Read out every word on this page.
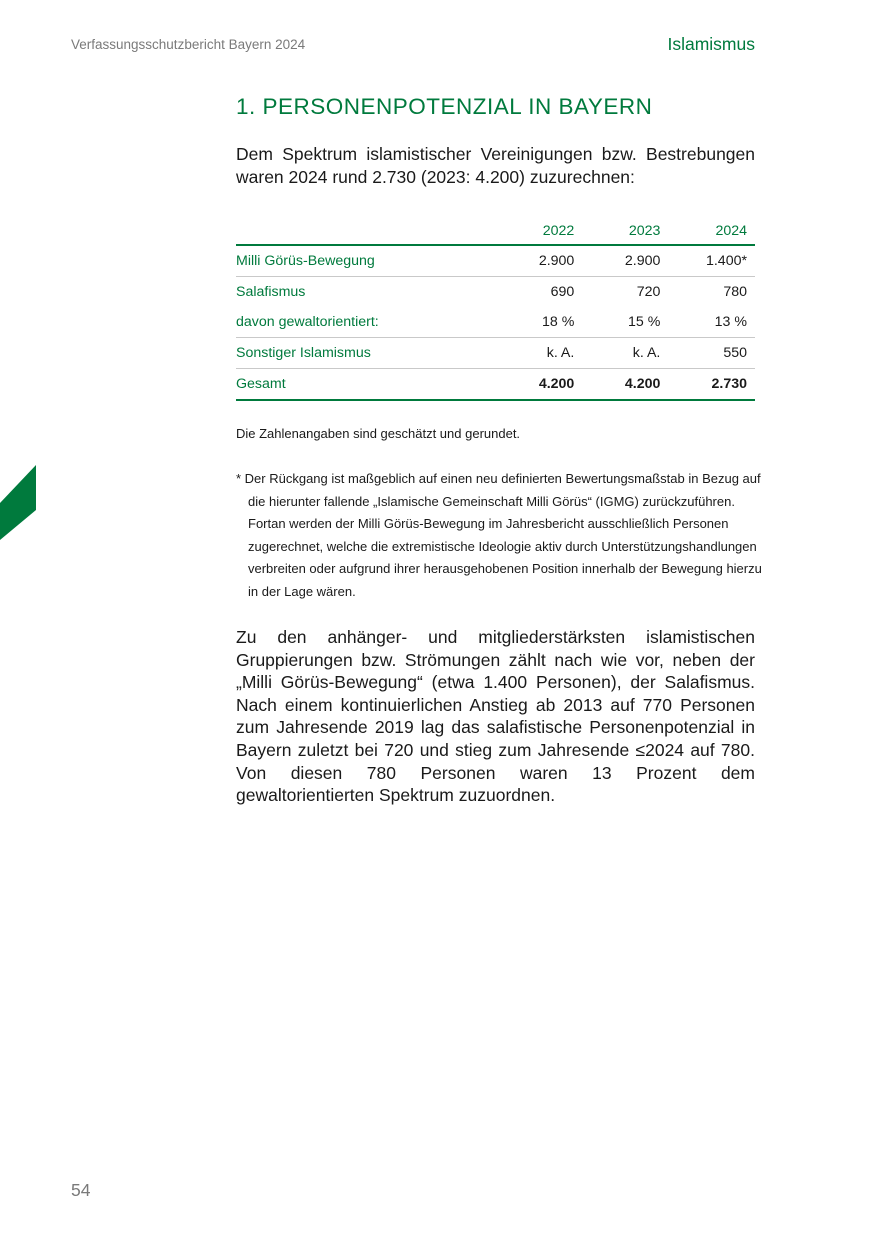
Verfassungsschutzbericht Bayern 2024	Islamismus
1. PERSONENPOTENZIAL IN BAYERN
Dem Spektrum islamistischer Vereinigungen bzw. Bestrebungen waren 2024 rund 2.730 (2023: 4.200) zuzurechnen:
	2022	2023	2024
Milli Görüs-Bewegung	2.900	2.900	1.400*
Salafismus	690	720	780
davon gewaltorientiert:	18 %	15 %	13 %
Sonstiger Islamismus	k. A.	k. A.	550
Gesamt	4.200	4.200	2.730
Die Zahlenangaben sind geschätzt und gerundet.
* Der Rückgang ist maßgeblich auf einen neu definierten Bewertungsmaßstab in Bezug auf die hierunter fallende „Islamische Gemeinschaft Milli Görüs“ (IGMG) zurückzuführen. Fortan werden der Milli Görüs-Bewegung im Jahresbericht ausschließlich Personen zugerechnet, welche die extremistische Ideologie aktiv durch Unterstützungshandlungen verbreiten oder aufgrund ihrer herausgehobenen Position innerhalb der Bewegung hierzu in der Lage wären.
Zu den anhänger- und mitgliederstärksten islamistischen Gruppierungen bzw. Strömungen zählt nach wie vor, neben der „Milli Görüs-Bewegung“ (etwa 1.400 Personen), der Salafismus. Nach einem kontinuierlichen Anstieg ab 2013 auf 770 Personen zum Jahresende 2019 lag das salafistische Personenpotenzial in Bayern zuletzt bei 720 und stieg zum Jahresende ≤2024 auf 780. Von diesen 780 Personen waren 13 Prozent dem gewaltorientierten Spektrum zuzuordnen.
54
